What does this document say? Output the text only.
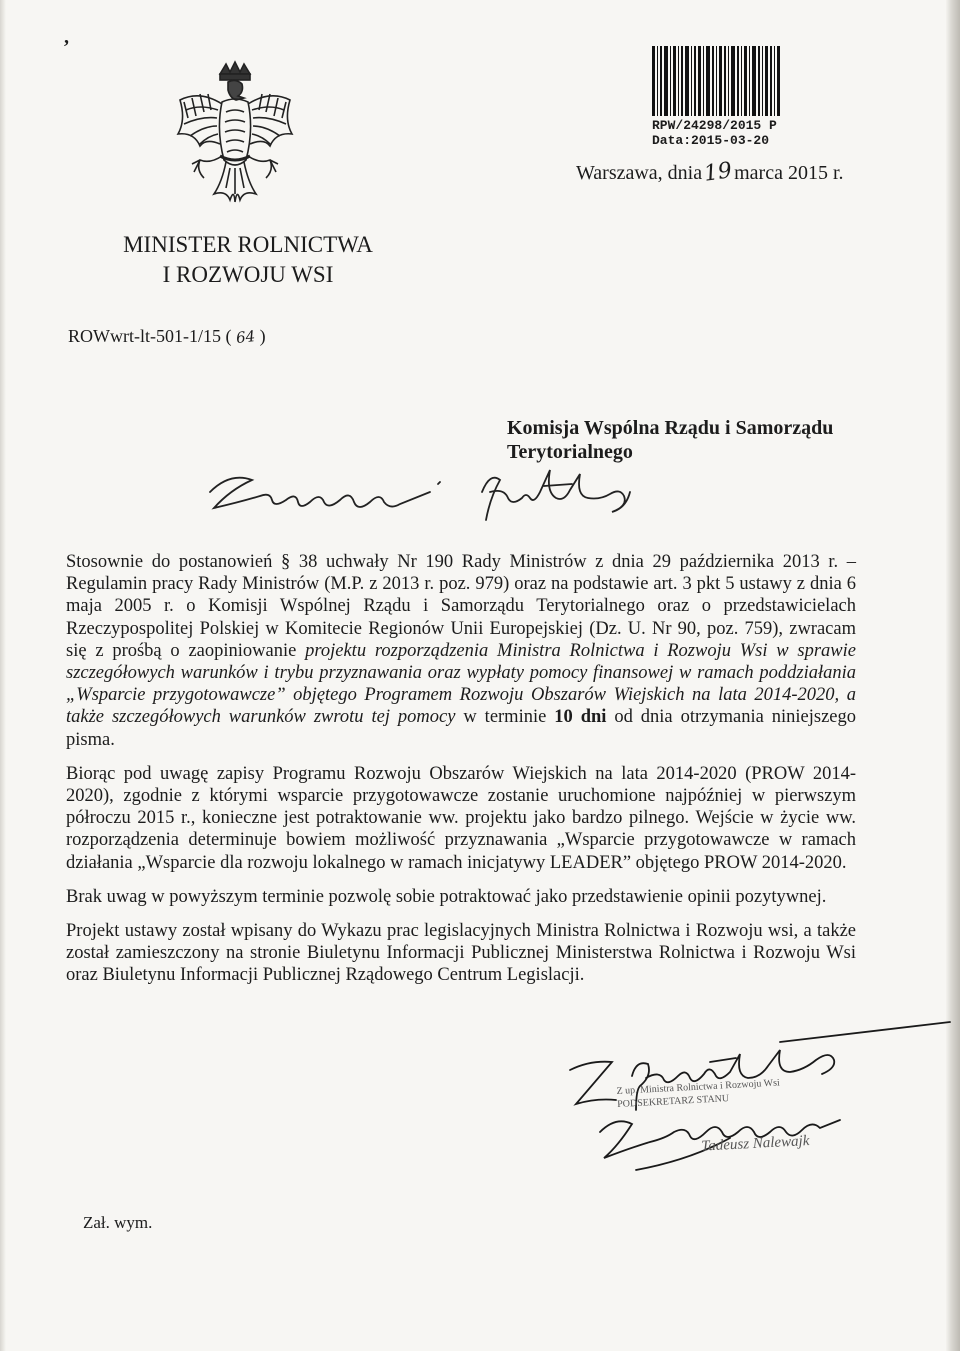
,
MINISTER ROLNICTWA
I ROZWOJU WSI
RPW/24298/2015 P
Data:2015-03-20
Warszawa, dnia19marca 2015 r.
ROWwrt-lt-501-1/15 ( 64 )
Komisja Wspólna Rządu i Samorządu
Terytorialnego

Stosownie do postanowień § 38 uchwały Nr 190 Rady Ministrów z dnia 29 października 2013 r. – Regulamin pracy Rady Ministrów (M.P. z 2013 r. poz. 979) oraz na podstawie art. 3 pkt 5 ustawy z dnia 6 maja 2005 r. o Komisji Wspólnej Rządu i Samorządu Terytorialnego oraz o przedstawicielach Rzeczypospolitej Polskiej w Komitecie Regionów Unii Europejskiej (Dz. U. Nr 90, poz. 759), zwracam się z prośbą o zaopiniowanie projektu rozporządzenia Ministra Rolnictwa i Rozwoju Wsi w sprawie szczegółowych warunków i trybu przyznawania oraz wypłaty pomocy finansowej w ramach poddziałania „Wsparcie przygotowawcze” objętego Programem Rozwoju Obszarów Wiejskich na lata 2014-2020, a także szczegółowych warunków zwrotu tej pomocy w terminie 10 dni od dnia otrzymania niniejszego pisma.

Biorąc pod uwagę zapisy Programu Rozwoju Obszarów Wiejskich na lata 2014-2020 (PROW 2014-2020), zgodnie z którymi wsparcie przygotowawcze zostanie uruchomione najpóźniej w pierwszym półroczu 2015 r., konieczne jest potraktowanie ww. projektu jako bardzo pilnego. Wejście w życie ww. rozporządzenia determinuje bowiem możliwość przyznawania „Wsparcie przygotowawcze w ramach działania „Wsparcie dla rozwoju lokalnego w ramach inicjatywy LEADER” objętego PROW 2014-2020.

Brak uwag w powyższym terminie pozwolę sobie potraktować jako przedstawienie opinii pozytywnej.

Projekt ustawy został wpisany do Wykazu prac legislacyjnych Ministra Rolnictwa i Rozwoju wsi, a także został zamieszczony na stronie Biuletynu Informacji Publicznej Ministerstwa Rolnictwa i Rozwoju Wsi oraz Biuletynu Informacji Publicznej Rządowego Centrum Legislacji.

Z up. Ministra Rolnictwa i Rozwoju Wsi
PODSEKRETARZ STANU
Tadeusz Nalewajk
Zał. wym.
